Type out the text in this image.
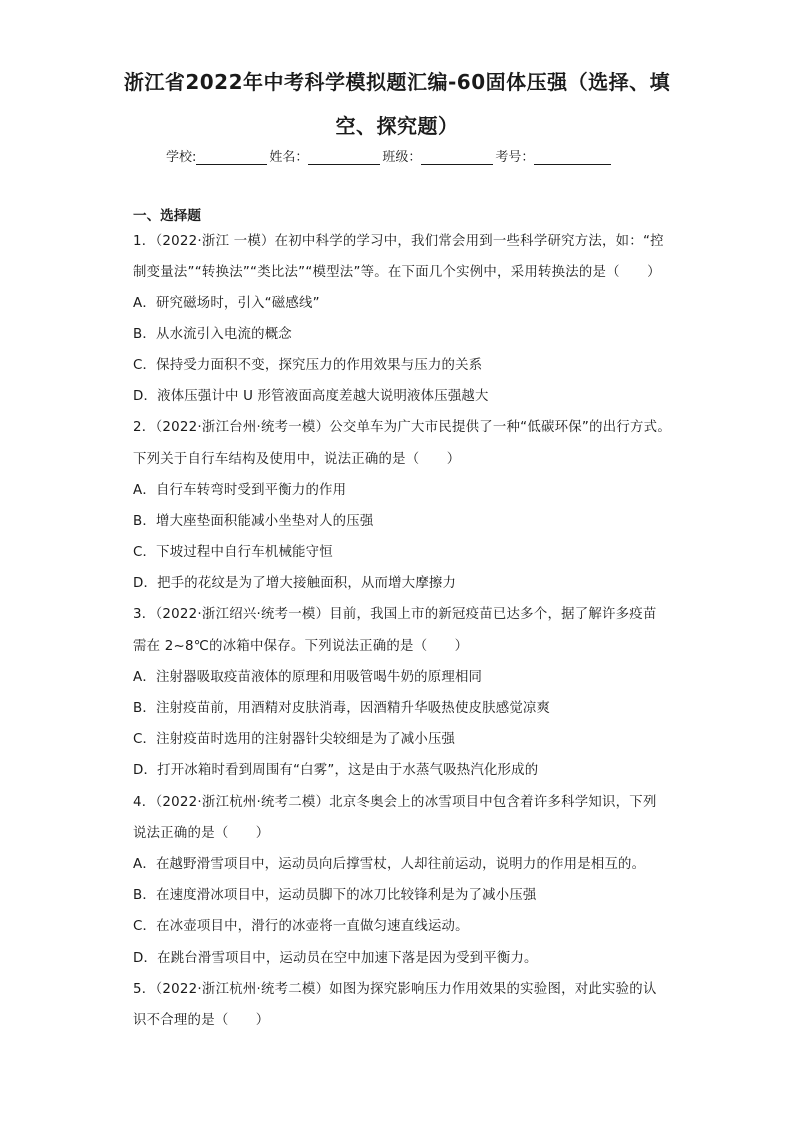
浙江省2022年中考科学模拟题汇编-60固体压强（选择、填
空、探究题）
学校:	姓名：	班级：	考号：
一、选择题
1．（2022·浙江 一模）在初中科学的学习中，我们常会用到一些科学研究方法，如：“控
制变量法”“转换法”“类比法”“模型法”等。在下面几个实例中，采用转换法的是（　　）
A．研究磁场时，引入“磁感线”
B．从水流引入电流的概念
C．保持受力面积不变，探究压力的作用效果与压力的关系
D．液体压强计中 U 形管液面高度差越大说明液体压强越大
2．（2022·浙江台州·统考一模）公交单车为广大市民提供了一种“低碳环保”的出行方式。
下列关于自行车结构及使用中，说法正确的是（　　）
A．自行车转弯时受到平衡力的作用
B．增大座垫面积能减小坐垫对人的压强
C．下坡过程中自行车机械能守恒
D．把手的花纹是为了增大接触面积，从而增大摩擦力
3．（2022·浙江绍兴·统考一模）目前，我国上市的新冠疫苗已达多个，据了解许多疫苗
需在 2~8℃的冰箱中保存。下列说法正确的是（　　）
A．注射器吸取疫苗液体的原理和用吸管喝牛奶的原理相同
B．注射疫苗前，用酒精对皮肤消毒，因酒精升华吸热使皮肤感觉凉爽
C．注射疫苗时选用的注射器针尖较细是为了减小压强
D．打开冰箱时看到周围有“白雾”，这是由于水蒸气吸热汽化形成的
4．（2022·浙江杭州·统考二模）北京冬奥会上的冰雪项目中包含着许多科学知识，下列
说法正确的是（　　）
A．在越野滑雪项目中，运动员向后撑雪杖，人却往前运动，说明力的作用是相互的。
B．在速度滑冰项目中，运动员脚下的冰刀比较锋利是为了减小压强
C．在冰壶项目中，滑行的冰壶将一直做匀速直线运动。
D．在跳台滑雪项目中，运动员在空中加速下落是因为受到平衡力。
5．（2022·浙江杭州·统考二模）如图为探究影响压力作用效果的实验图，对此实验的认
识不合理的是（　　）
